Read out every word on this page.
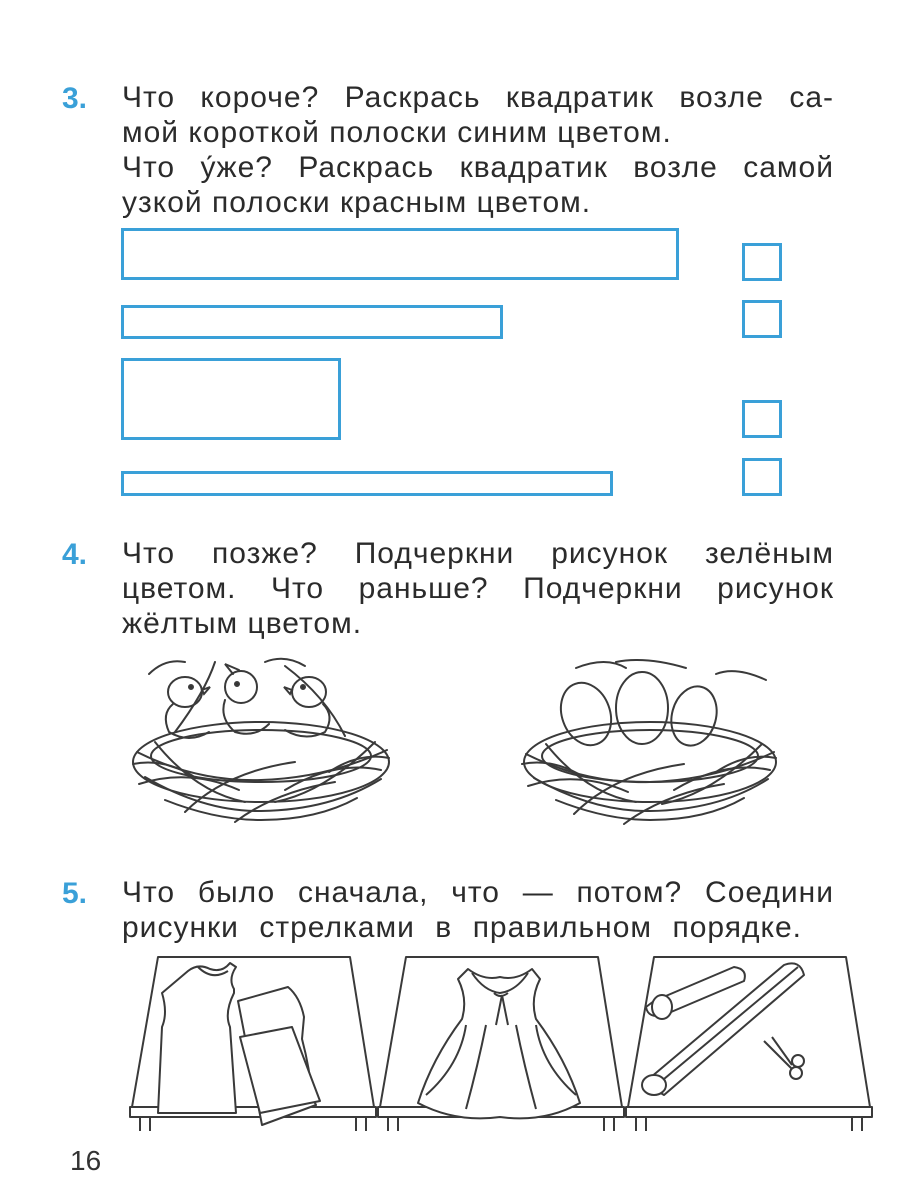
3. Что короче? Раскрась квадратик возле са-
мой короткой полоски синим цветом.
Что у́же? Раскрась квадратик возле самой
узкой полоски красным цветом.
4. Что позже? Подчеркни рисунок зелёным
цветом. Что раньше? Подчеркни рисунок
жёлтым цветом.
5. Что было сначала, что — потом? Соедини
рисунки стрелками в правильном порядке.
16
